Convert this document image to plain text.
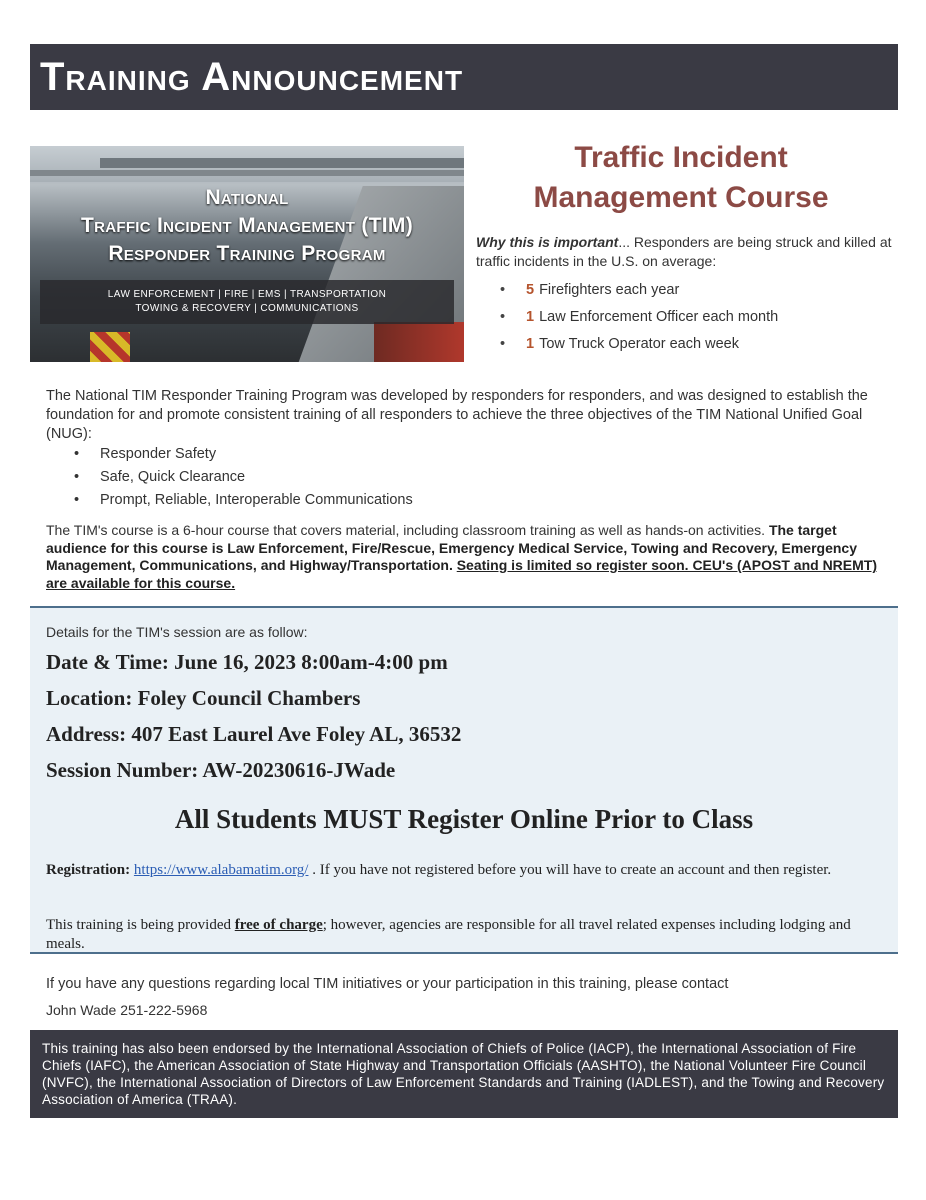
Training Announcement
National
Traffic Incident Management (TIM)
Responder Training Program
LAW ENFORCEMENT | FIRE | EMS | TRANSPORTATION
TOWING & RECOVERY | COMMUNICATIONS
Traffic Incident
Management Course
Why this is important... Responders are being struck and killed at traffic incidents in the U.S. on average:
• 5 Firefighters each year
• 1 Law Enforcement Officer each month
• 1 Tow Truck Operator each week

The National TIM Responder Training Program was developed by responders for responders, and was designed to establish the foundation for and promote consistent training of all responders to achieve the three objectives of the TIM National Unified Goal (NUG):

• Responder Safety
• Safe, Quick Clearance
• Prompt, Reliable, Interoperable Communications

The TIM's course is a 6-hour course that covers material, including classroom training as well as hands-on activities. The target audience for this course is Law Enforcement, Fire/Rescue, Emergency Medical Service, Towing and Recovery, Emergency Management, Communications, and Highway/Transportation. Seating is limited so register soon. CEU's (APOST and NREMT) are available for this course.

Details for the TIM's session are as follow:
Date & Time: June 16, 2023 8:00am-4:00 pm
Location: Foley Council Chambers
Address: 407 East Laurel Ave Foley AL, 36532
Session Number: AW-20230616-JWade
All Students MUST Register Online Prior to Class
Registration: https://www.alabamatim.org/ . If you have not registered before you will have to create an account and then register.
This training is being provided free of charge; however, agencies are responsible for all travel related expenses including lodging and meals.

If you have any questions regarding local TIM initiatives or your participation in this training, please contact

John Wade 251-222-5968
This training has also been endorsed by the International Association of Chiefs of Police (IACP), the International Association of Fire Chiefs (IAFC), the American Association of State Highway and Transportation Officials (AASHTO), the National Volunteer Fire Council (NVFC), the International Association of Directors of Law Enforcement Standards and Training (IADLEST), and the Towing and Recovery Association of America (TRAA).
